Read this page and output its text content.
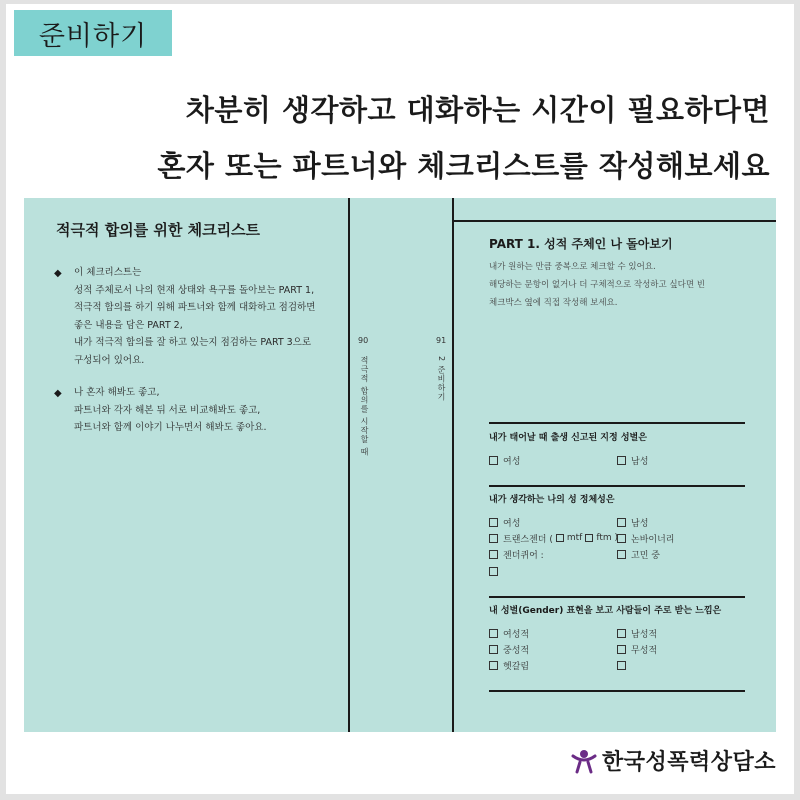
준비하기
차분히 생각하고 대화하는 시간이 필요하다면
혼자 또는 파트너와 체크리스트를 작성해보세요
적극적 합의를 위한 체크리스트
◆ 이 체크리스트는
성적 주체로서 나의 현재 상태와 욕구를 돌아보는 PART 1,
적극적 합의를 하기 위해 파트너와 함께 대화하고 점검하면
좋은 내용을 담은 PART 2,
내가 적극적 합의를 잘 하고 있는지 점검하는 PART 3으로
구성되어 있어요.
◆ 나 혼자 해봐도 좋고,
파트너와 각자 해본 뒤 서로 비교해봐도 좋고,
파트너와 함께 이야기 나누면서 해봐도 좋아요.
90
적극적 합의를 시작할 때
91
2 준비하기
PART 1. 성적 주체인 나 돌아보기
내가 원하는 만큼 중복으로 체크할 수 있어요.
해당하는 문항이 없거나 더 구체적으로 작성하고 싶다면 빈
체크박스 옆에 직접 작성해 보세요.
내가 태어날 때 출생 신고된 지정 성별은
여성	남성
내가 생각하는 나의 성 정체성은
여성	남성
트랜스젠더 ( mtf ftm ) 논바이너리
젠더퀴어 :	고민 중
내 성별(Gender) 표현을 보고 사람들이 주로 받는 느낌은
여성적	남성적
중성적	무성적
헷갈림
한국성폭력상담소
